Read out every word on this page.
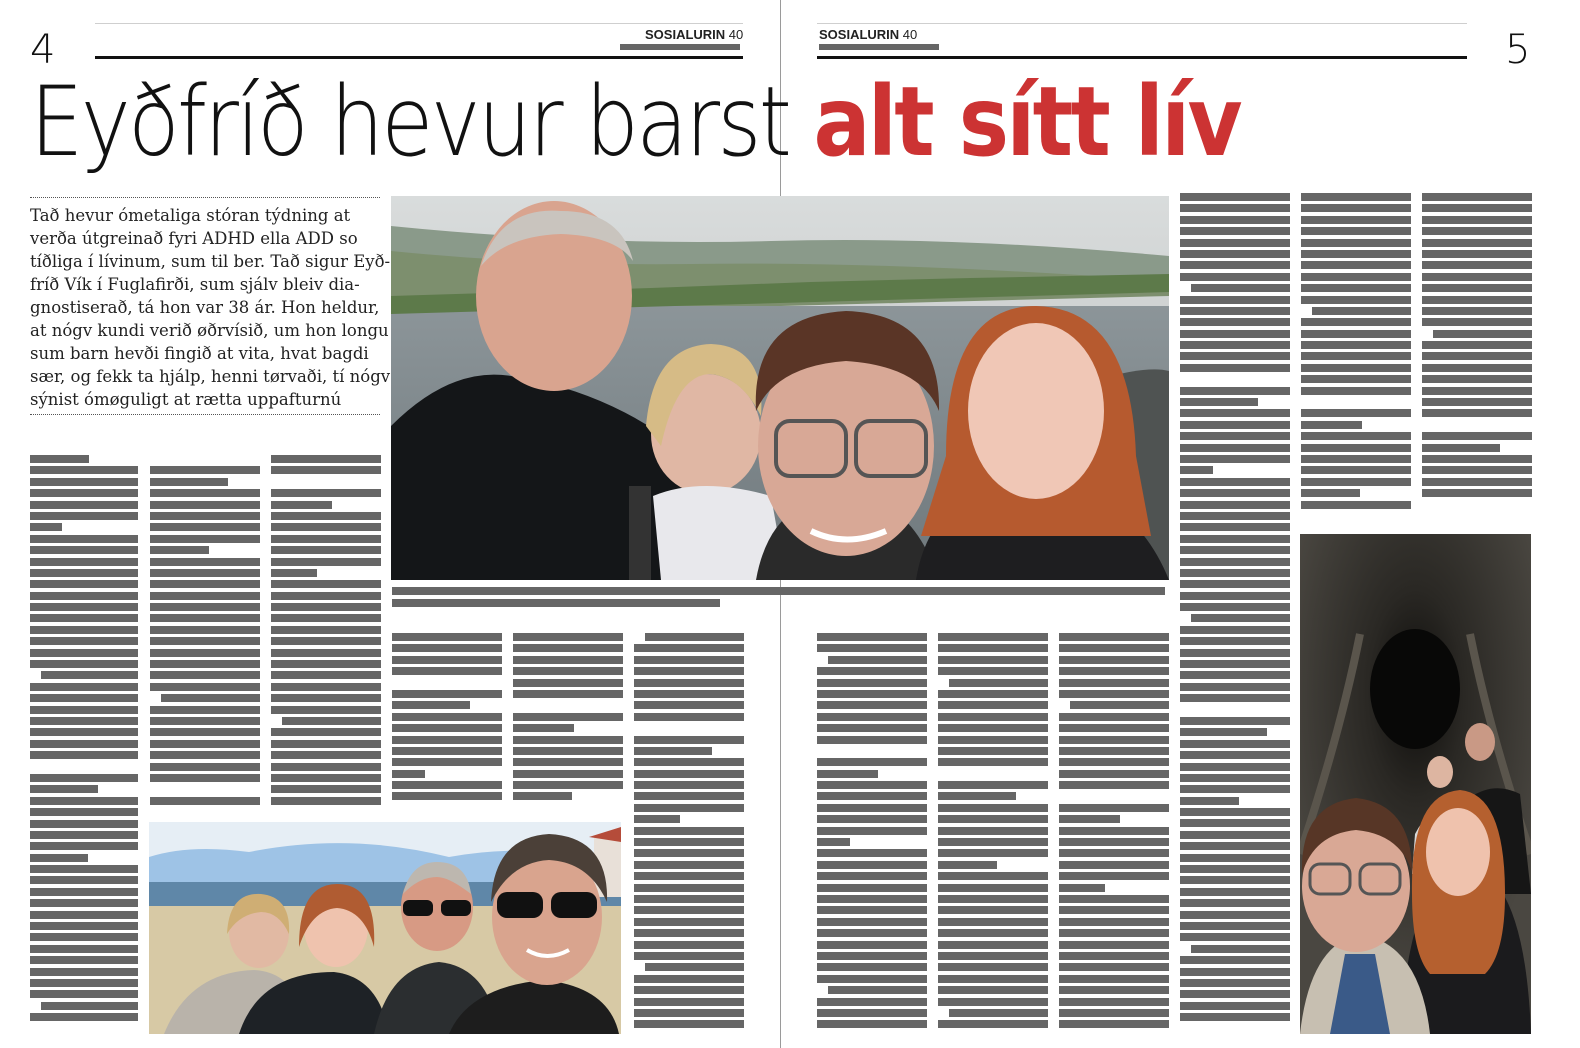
4	5
SOSIALURIN 40	SOSIALURIN 40
Eyðfríð hevur barst alt sítt lív
Tað hevur ómetaliga stóran týdning at
verða útgreinað fyri ADHD ella ADD so
tíðliga í lívinum, sum til ber. Tað sigur Eyð-
fríð Vík í Fuglafirði, sum sjálv bleiv dia-
gnostiserað, tá hon var 38 ár. Hon heldur,
at nógv kundi verið øðrvísið, um hon longu
sum barn hevði fingið at vita, hvat bagdi
sær, og fekk ta hjálp, henni tørvaði, tí nógv
sýnist ómøguligt at rætta uppafturnú
